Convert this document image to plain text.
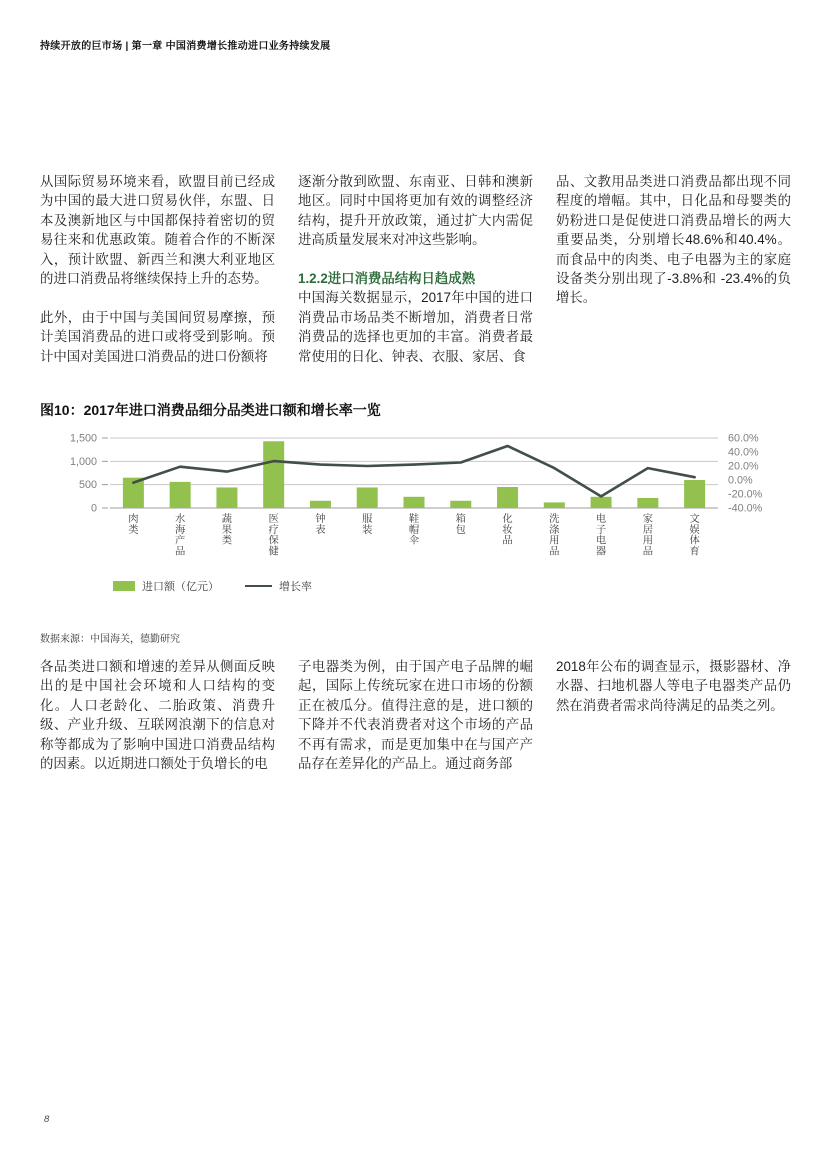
持续开放的巨市场 | 第一章 中国消费增长推动进口业务持续发展

从国际贸易环境来看，欧盟目前已经成为中国的最大进口贸易伙伴，东盟、日本及澳新地区与中国都保持着密切的贸易往来和优惠政策。随着合作的不断深入，预计欧盟、新西兰和澳大利亚地区的进口消费品将继续保持上升的态势。

此外，由于中国与美国间贸易摩擦，预计美国消费品的进口或将受到影响。预计中国对美国进口消费品的进口份额将

逐渐分散到欧盟、东南亚、日韩和澳新地区。同时中国将更加有效的调整经济结构，提升开放政策，通过扩大内需促进高质量发展来对冲这些影响。

1.2.2进口消费品结构日趋成熟

中国海关数据显示，2017年中国的进口消费品市场品类不断增加，消费者日常消费品的选择也更加的丰富。消费者最常使用的日化、钟表、衣服、家居、食

品、文教用品类进口消费品都出现不同程度的增幅。其中，日化品和母婴类的奶粉进口是促使进口消费品增长的两大重要品类，分别增长48.6%和40.4%。而食品中的肉类、电子电器为主的家庭设备类分别出现了-3.8%和 -23.4%的负增长。

图10：2017年进口消费品细分品类进口额和增长率一览
0
500
1,000
1,500	60.0%
40.0%
20.0%
0.0%
-20.0%
-40.0%
肉类
水海产品
蔬果类
医疗保健
钟表
服装
鞋帽伞
箱包
化妆品
洗涤用品
电子电器
家居用品
文娱体育
进口额（亿元）	增长率
数据来源：中国海关，德勤研究

各品类进口额和增速的差异从侧面反映出的是中国社会环境和人口结构的变化。人口老龄化、二胎政策、消费升级、产业升级、互联网浪潮下的信息对称等都成为了影响中国进口消费品结构的因素。以近期进口额处于负增长的电

子电器类为例，由于国产电子品牌的崛起，国际上传统玩家在进口市场的份额正在被瓜分。值得注意的是，进口额的下降并不代表消费者对这个市场的产品不再有需求，而是更加集中在与国产产品存在差异化的产品上。通过商务部

2018年公布的调查显示，摄影器材、净水器、扫地机器人等电子电器类产品仍然在消费者需求尚待满足的品类之列。

8
